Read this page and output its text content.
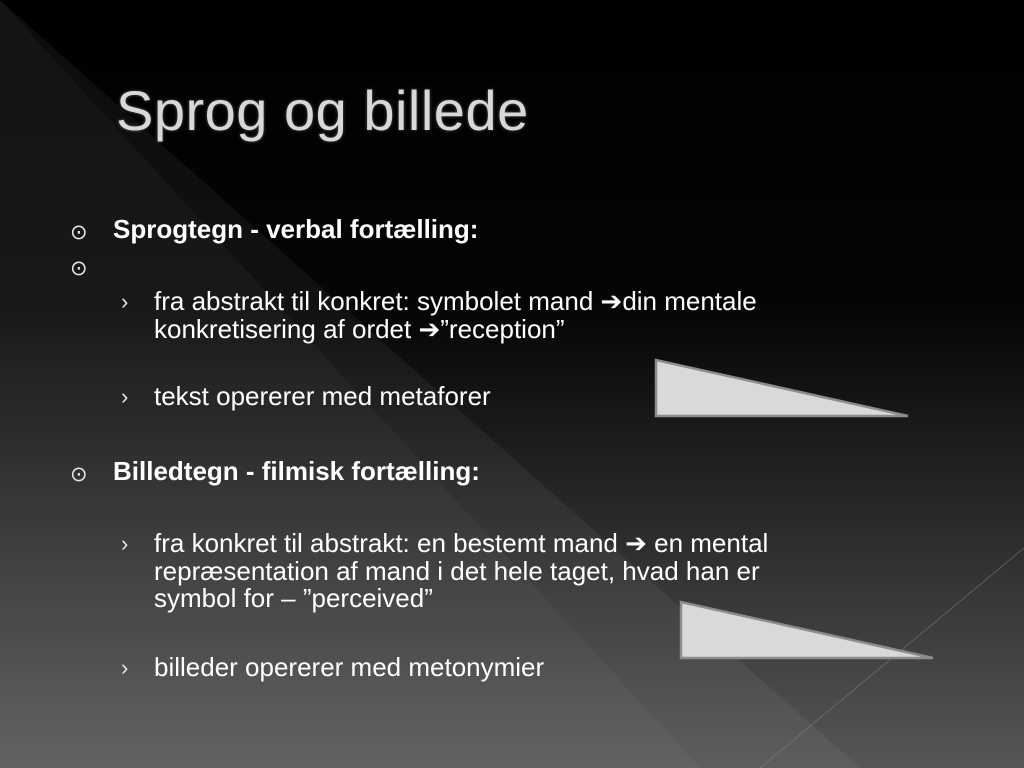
Sprog og billede
⊙ Sprogtegn - verbal fortælling:
⊙
› fra abstrakt til konkret: symbolet mand ➔din mentale
konkretisering af ordet ➔”reception”
› tekst opererer med metaforer
⊙ Billedtegn - filmisk fortælling:
› fra konkret til abstrakt: en bestemt mand ➔ en mental
repræsentation af mand i det hele taget, hvad han er
symbol for – ”perceived”
› billeder opererer med metonymier
